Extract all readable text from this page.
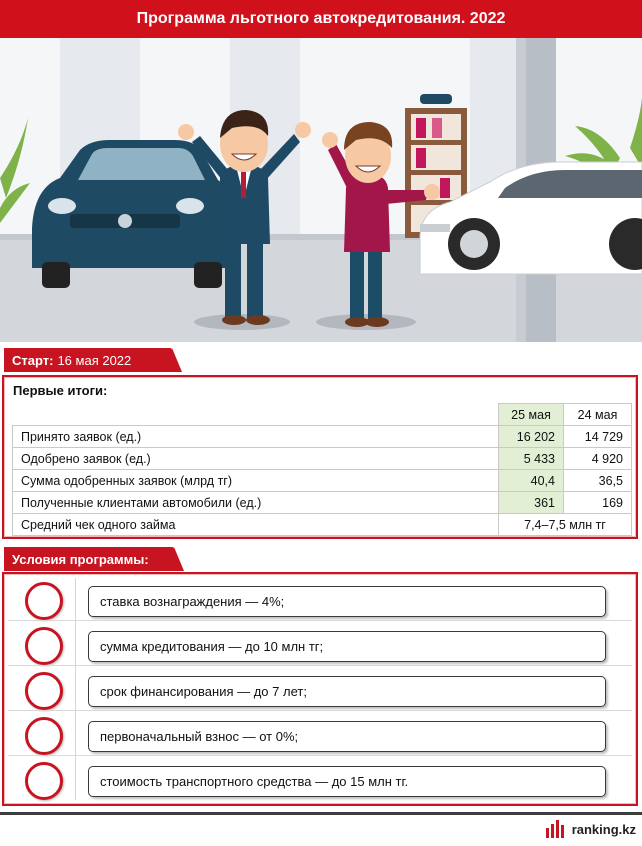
Программа льготного автокредитования. 2022
Старт: 16 мая 2022
Первые итоги:
	25 мая	24 мая
Принято заявок (ед.)	16 202	14 729
Одобрено заявок (ед.)	5 433	4 920
Сумма одобренных заявок (млрд тг)	40,4	36,5
Полученные клиентами автомобили (ед.)	361	169
Средний чек одного займа	7,4–7,5 млн тг	
Условия программы:
ставка вознаграждения — 4%;
сумма кредитования — до 10 млн тг;
срок финансирования — до 7 лет;
первоначальный взнос — от 0%;
стоимость транспортного средства — до 15 млн тг.
ranking.kz
